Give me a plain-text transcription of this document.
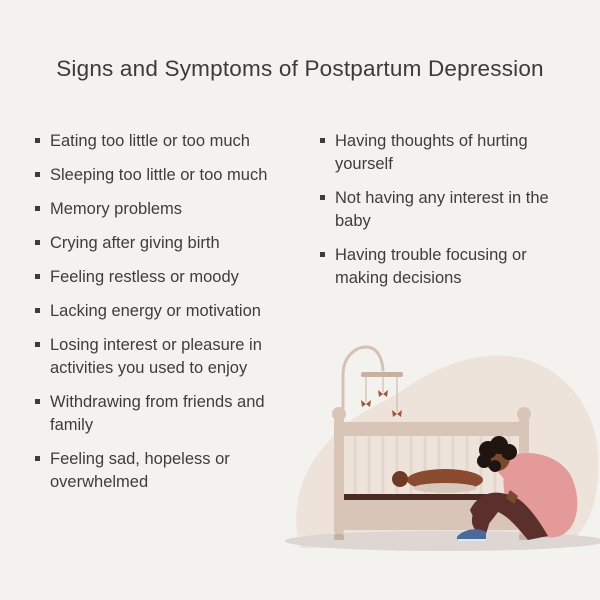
Signs and Symptoms of Postpartum Depression
Eating too little or too much
Sleeping too little or too much
Memory problems
Crying after giving birth
Feeling restless or moody
Lacking energy or motivation
Losing interest or pleasure in activities you used to enjoy
Withdrawing from friends and family
Feeling sad, hopeless or overwhelmed
Having thoughts of hurting yourself
Not having any interest in the baby
Having trouble focusing or making decisions
